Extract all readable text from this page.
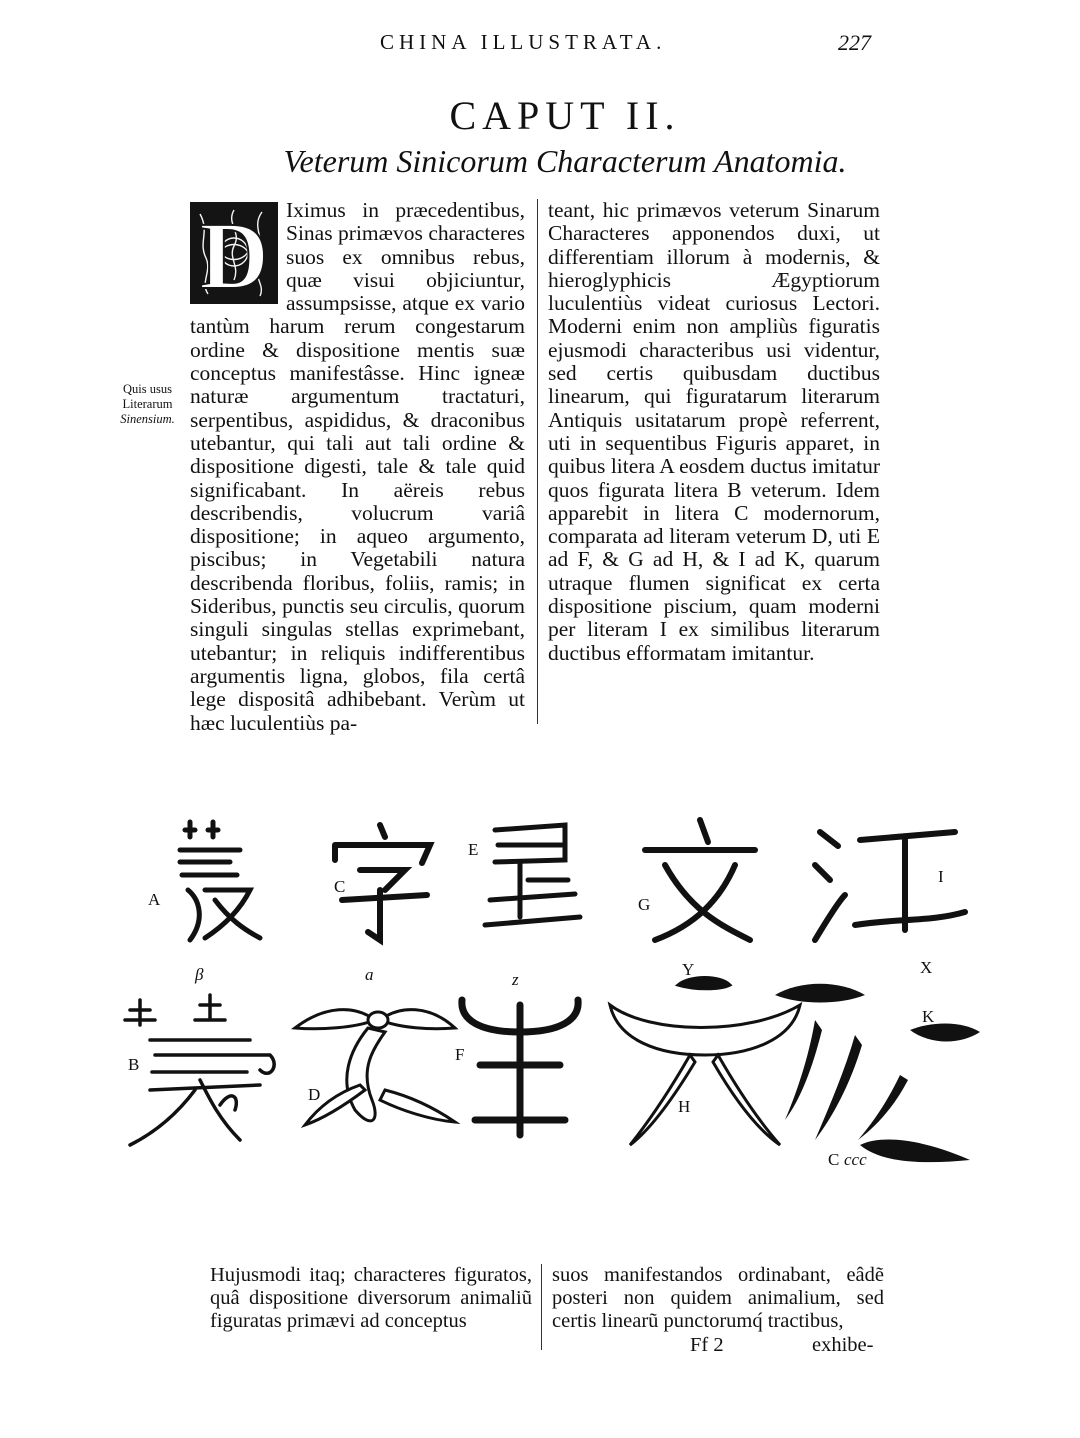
CHINA ILLUSTRATA.	227
CAPUT II.
Veterum Sinicorum Characterum Anatomia.
Quis usus
Literarum
Sinensium.
D Iximus in præcedentibus, Sinas primævos characteres suos ex omnibus rebus, quæ visui objiciuntur, assumpsisse, atque ex vario tantùm harum rerum congestarum ordine & dispositione mentis suæ conceptus manifestâsse. Hinc igneæ naturæ argumentum tractaturi, serpentibus, aspididus, & draconibus utebantur, qui tali aut tali ordine & dispositione digesti, tale & tale quid significabant. In aëreis rebus describendis, volucrum variâ dispositione; in aqueo argumento, piscibus; in Vegetabili natura describenda floribus, foliis, ramis; in Sideribus, punctis seu circulis, quorum singuli singulas stellas exprimebant, utebantur; in reliquis indifferentibus argumentis ligna, globos, fila certâ lege dispositâ adhibebant. Verùm ut hæc luculentiùs pa-
teant, hic primævos veterum Sinarum Characteres apponendos duxi, ut differentiam illorum à modernis, & hieroglyphicis Ægyptiorum luculentiùs videat curiosus Lectori. Moderni enim non ampliùs figuratis ejusmodi characteribus usi videntur, sed certis quibusdam ductibus linearum, qui figuratarum literarum Antiquis usitatarum propè referrent, uti in sequentibus Figuris apparet, in quibus litera A eosdem ductus imitatur quos figurata litera B veterum. Idem apparebit in litera C modernorum, comparata ad literam veterum D, uti E ad F, & G ad H, & I ad K, quarum utraque flumen significat ex certa dispositione piscium, quam moderni per literam I ex similibus literarum ductibus efformatam imitantur.
A
B
β
C
a
D
E
z
F
G
Y
H
I
X
K
C ccc
Hujusmodi itaq; characteres figuratos, quâ dispositione diversorum animaliũ figuratas primævi ad conceptus
suos manifestandos ordinabant, eâdẽ posteri non quidem animalium, sed certis linearũ punctorumq́ tractibus,
Ff 2	exhibe-
